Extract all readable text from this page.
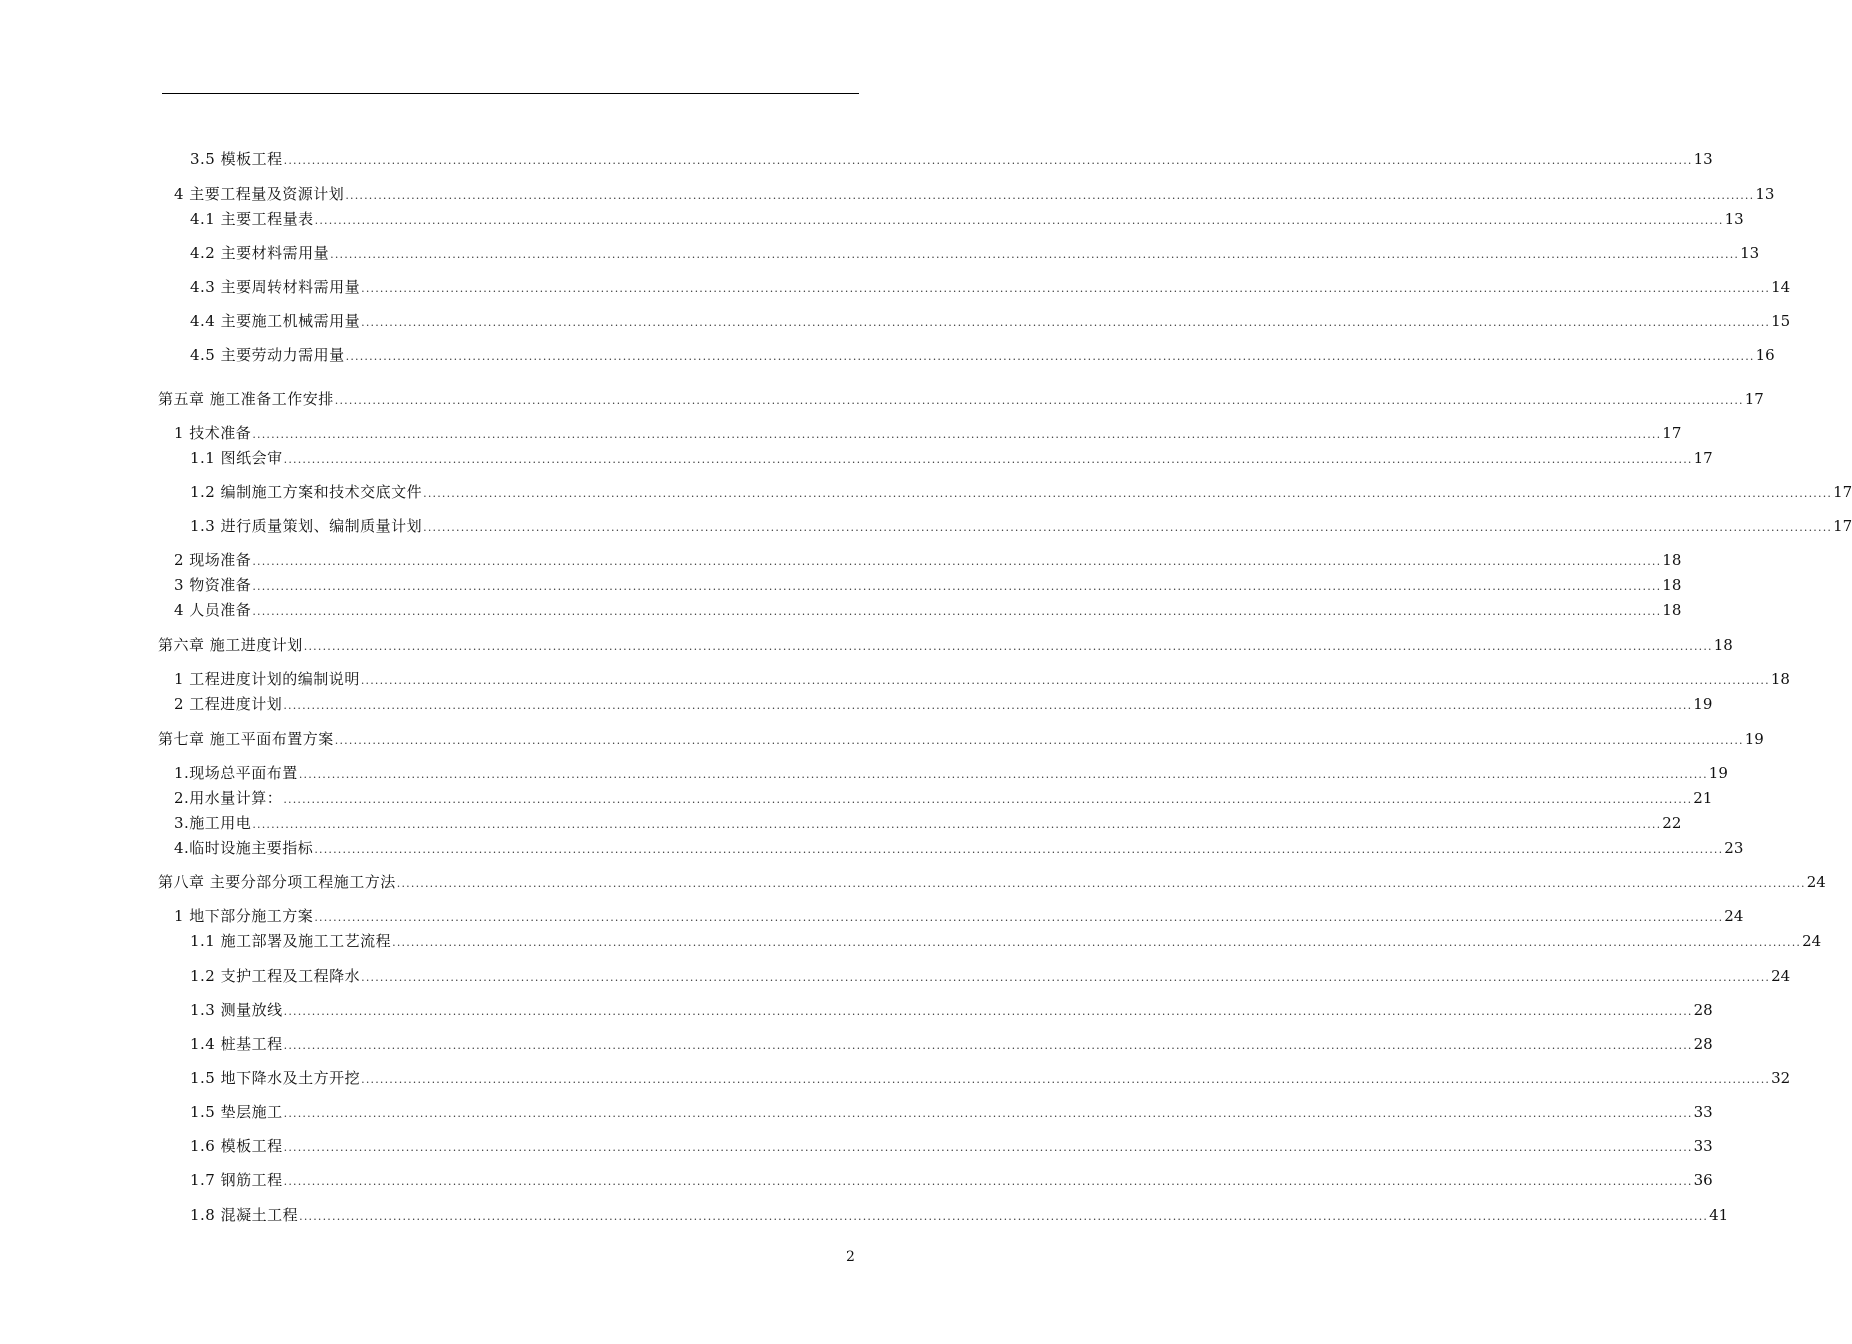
3.5 模板工程 ............................................................................................................................................................................................................................................................................................................ 13
4 主要工程量及资源计划 ............................................................................................................................................................................................................................................................................................................ 13
4.1 主要工程量表 ............................................................................................................................................................................................................................................................................................................ 13
4.2 主要材料需用量 ............................................................................................................................................................................................................................................................................................................ 13
4.3 主要周转材料需用量 ............................................................................................................................................................................................................................................................................................................ 14
4.4 主要施工机械需用量 ............................................................................................................................................................................................................................................................................................................ 15
4.5 主要劳动力需用量 ............................................................................................................................................................................................................................................................................................................ 16
第五章 施工准备工作安排 ............................................................................................................................................................................................................................................................................................................ 17
1 技术准备 ............................................................................................................................................................................................................................................................................................................ 17
1.1 图纸会审 ............................................................................................................................................................................................................................................................................................................ 17
1.2 编制施工方案和技术交底文件 ............................................................................................................................................................................................................................................................................................................ 17
1.3 进行质量策划、编制质量计划 ............................................................................................................................................................................................................................................................................................................ 17
2 现场准备 ............................................................................................................................................................................................................................................................................................................ 18
3 物资准备 ............................................................................................................................................................................................................................................................................................................ 18
4 人员准备 ............................................................................................................................................................................................................................................................................................................ 18
第六章 施工进度计划 ............................................................................................................................................................................................................................................................................................................ 18
1 工程进度计划的编制说明 ............................................................................................................................................................................................................................................................................................................ 18
2 工程进度计划 ............................................................................................................................................................................................................................................................................................................ 19
第七章 施工平面布置方案 ............................................................................................................................................................................................................................................................................................................ 19
1.现场总平面布置 ............................................................................................................................................................................................................................................................................................................ 19
2.用水量计算： ............................................................................................................................................................................................................................................................................................................ 21
3.施工用电 ............................................................................................................................................................................................................................................................................................................ 22
4.临时设施主要指标 ............................................................................................................................................................................................................................................................................................................ 23
第八章 主要分部分项工程施工方法 ............................................................................................................................................................................................................................................................................................................ 24
1 地下部分施工方案 ............................................................................................................................................................................................................................................................................................................ 24
1.1 施工部署及施工工艺流程 ............................................................................................................................................................................................................................................................................................................ 24
1.2 支护工程及工程降水 ............................................................................................................................................................................................................................................................................................................ 24
1.3 测量放线 ............................................................................................................................................................................................................................................................................................................ 28
1.4 桩基工程 ............................................................................................................................................................................................................................................................................................................ 28
1.5 地下降水及土方开挖 ............................................................................................................................................................................................................................................................................................................ 32
1.5 垫层施工 ............................................................................................................................................................................................................................................................................................................ 33
1.6 模板工程 ............................................................................................................................................................................................................................................................................................................ 33
1.7 钢筋工程 ............................................................................................................................................................................................................................................................................................................ 36
1.8 混凝土工程 ............................................................................................................................................................................................................................................................................................................ 41
2
